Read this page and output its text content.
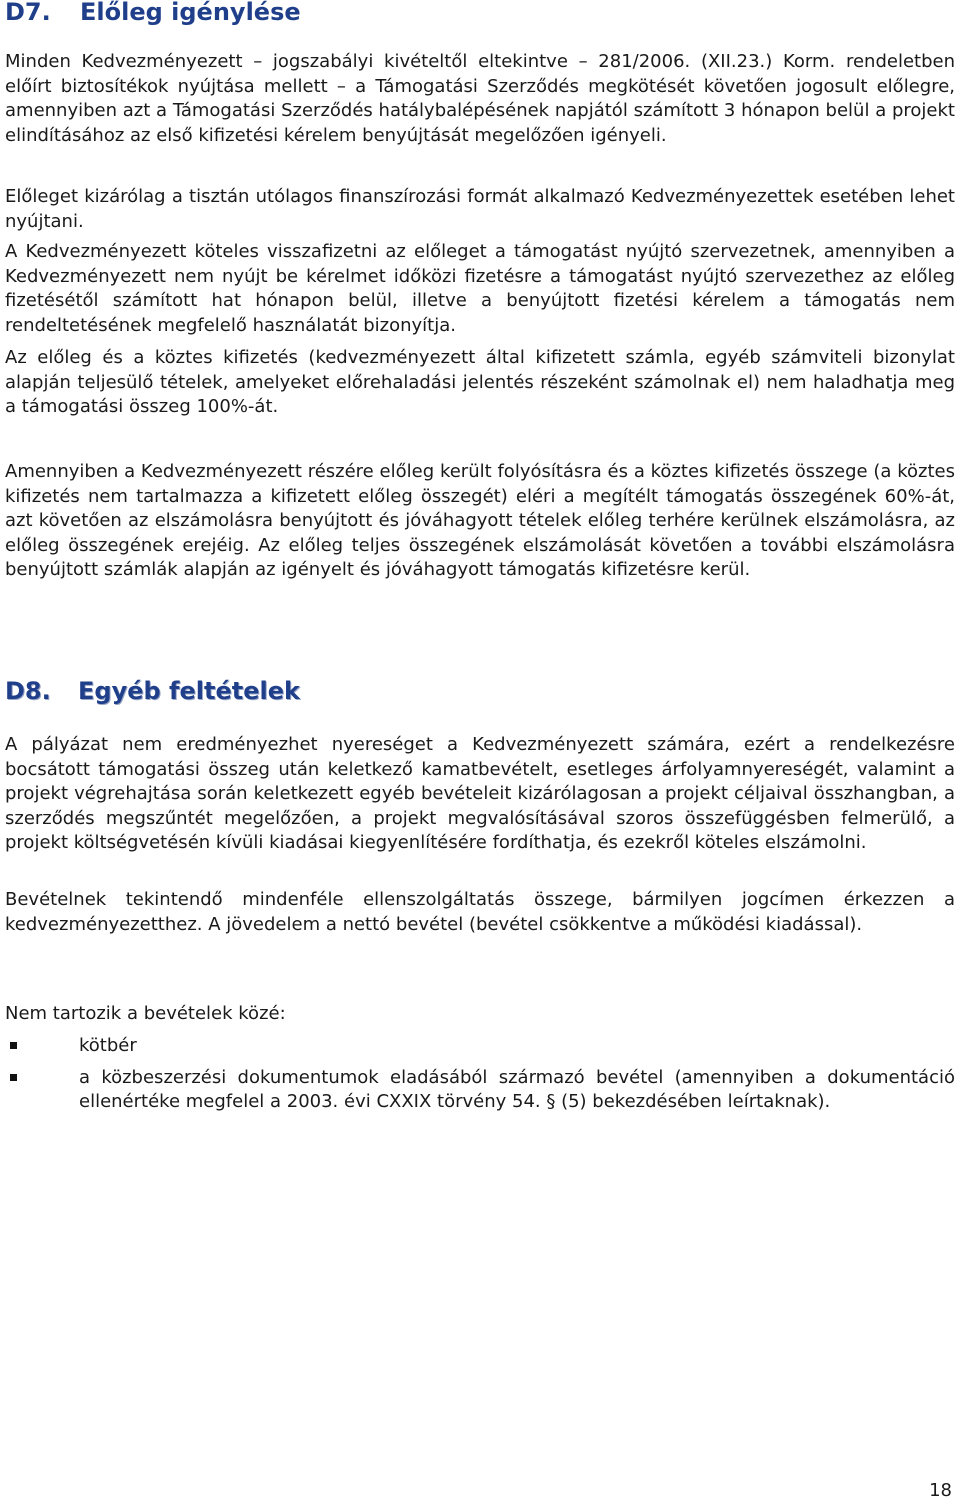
D7. Előleg igénylése

Minden Kedvezményezett – jogszabályi kivételtől eltekintve – 281/2006. (XII.23.) Korm. rendeletben előírt biztosítékok nyújtása mellett – a Támogatási Szerződés megkötését követően jogosult előlegre, amennyiben azt a Támogatási Szerződés hatálybalépésének napjától számított 3 hónapon belül a projekt elindításához az első kifizetési kérelem benyújtását megelőzően igényeli.

Előleget kizárólag a tisztán utólagos finanszírozási formát alkalmazó Kedvezményezettek esetében lehet nyújtani.

A Kedvezményezett köteles visszafizetni az előleget a támogatást nyújtó szervezetnek, amennyiben a Kedvezményezett nem nyújt be kérelmet időközi fizetésre a támogatást nyújtó szervezethez az előleg fizetésétől számított hat hónapon belül, illetve a benyújtott fizetési kérelem a támogatás nem rendeltetésének megfelelő használatát bizonyítja.

Az előleg és a köztes kifizetés (kedvezményezett által kifizetett számla, egyéb számviteli bizonylat alapján teljesülő tételek, amelyeket előrehaladási jelentés részeként számolnak el) nem haladhatja meg a támogatási összeg 100%-át.

Amennyiben a Kedvezményezett részére előleg került folyósításra és a köztes kifizetés összege (a köztes kifizetés nem tartalmazza a kifizetett előleg összegét) eléri a megítélt támogatás összegének 60%-át, azt követően az elszámolásra benyújtott és jóváhagyott tételek előleg terhére kerülnek elszámolásra, az előleg összegének erejéig. Az előleg teljes összegének elszámolását követően a további elszámolásra benyújtott számlák alapján az igényelt és jóváhagyott támogatás kifizetésre kerül.

D8. Egyéb feltételek

A pályázat nem eredményezhet nyereséget a Kedvezményezett számára, ezért a rendelkezésre bocsátott támogatási összeg után keletkező kamatbevételt, esetleges árfolyamnyereségét, valamint a projekt végrehajtása során keletkezett egyéb bevételeit kizárólagosan a projekt céljaival összhangban, a szerződés megszűntét megelőzően, a projekt megvalósításával szoros összefüggésben felmerülő, a projekt költségvetésén kívüli kiadásai kiegyenlítésére fordíthatja, és ezekről köteles elszámolni.

Bevételnek tekintendő mindenféle ellenszolgáltatás összege, bármilyen jogcímen érkezzen a kedvezményezetthez. A jövedelem a nettó bevétel (bevétel csökkentve a működési kiadással).

Nem tartozik a bevételek közé:

kötbér
a közbeszerzési dokumentumok eladásából származó bevétel (amennyiben a dokumentáció ellenértéke megfelel a 2003. évi CXXIX törvény 54. § (5) bekezdésében leírtaknak).
18
